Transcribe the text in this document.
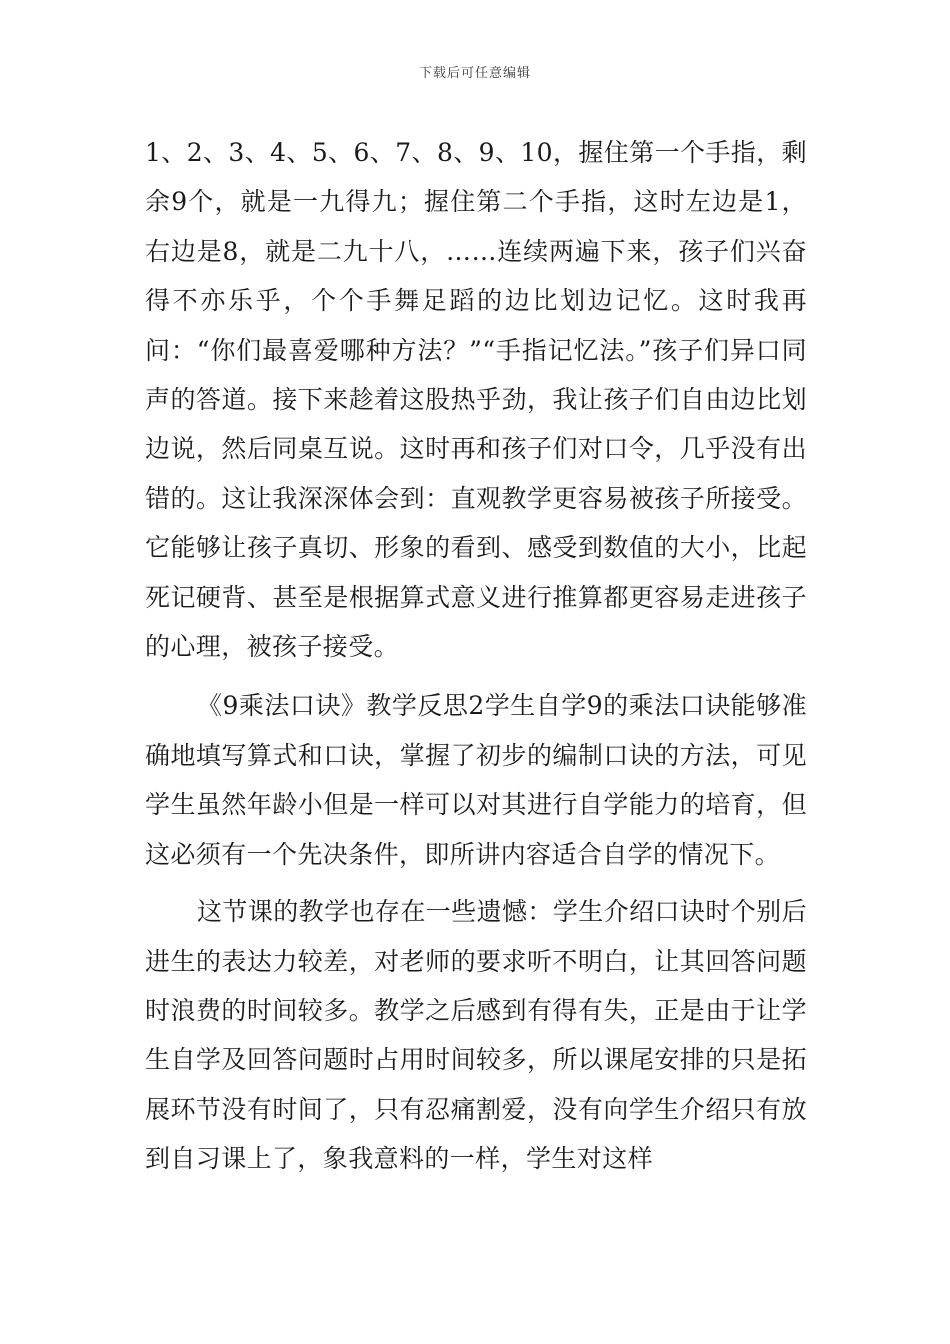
下载后可任意编辑

1、2、3、4、5、6、7、8、9、10，握住第一个手指，剩余9个，就是一九得九；握住第二个手指，这时左边是1，右边是8，就是二九十八，……连续两遍下来，孩子们兴奋得不亦乐乎，个个手舞足蹈的边比划边记忆。这时我再问：“你们最喜爱哪种方法？”“手指记忆法。”孩子们异口同声的答道。接下来趁着这股热乎劲，我让孩子们自由边比划边说，然后同桌互说。这时再和孩子们对口令，几乎没有出错的。这让我深深体会到：直观教学更容易被孩子所接受。它能够让孩子真切、形象的看到、感受到数值的大小，比起死记硬背、甚至是根据算式意义进行推算都更容易走进孩子的心理，被孩子接受。

《9乘法口诀》教学反思2学生自学9的乘法口诀能够准确地填写算式和口诀，掌握了初步的编制口诀的方法，可见学生虽然年龄小但是一样可以对其进行自学能力的培育，但这必须有一个先决条件，即所讲内容适合自学的情况下。

这节课的教学也存在一些遗憾：学生介绍口诀时个别后进生的表达力较差，对老师的要求听不明白，让其回答问题时浪费的时间较多。教学之后感到有得有失，正是由于让学生自学及回答问题时占用时间较多，所以课尾安排的只是拓展环节没有时间了，只有忍痛割爱，没有向学生介绍只有放到自习课上了，象我意料的一样，学生对这样
